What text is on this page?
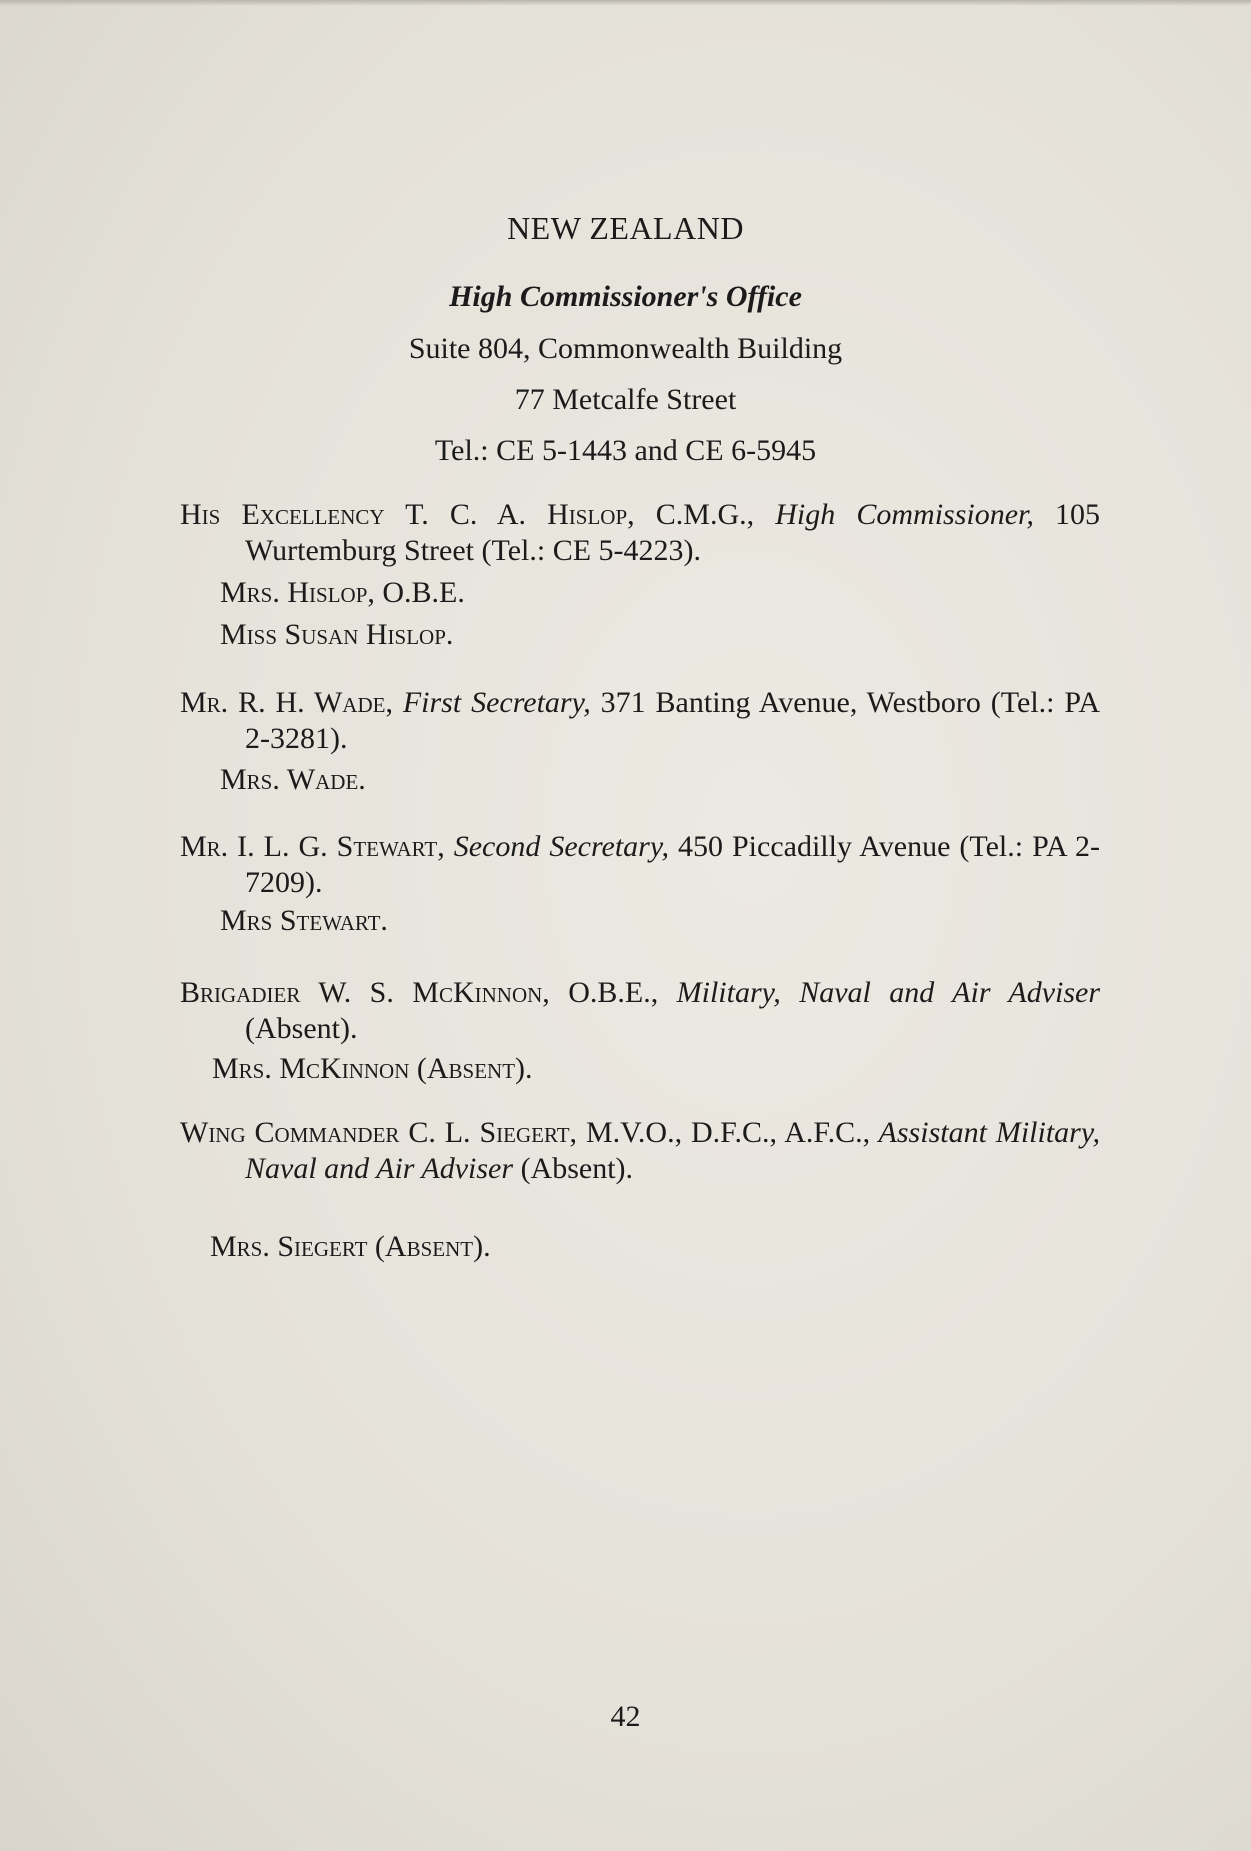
NEW ZEALAND
High Commissioner's Office
Suite 804, Commonwealth Building
77 Metcalfe Street
Tel.: CE 5-1443 and CE 6-5945
His Excellency T. C. A. Hislop, C.M.G., High Commissioner, 105 Wurtemburg Street (Tel.: CE 5-4223).
Mrs. Hislop, O.B.E.
Miss Susan Hislop.
Mr. R. H. Wade, First Secretary, 371 Banting Avenue, Westboro (Tel.: PA 2-3281).
Mrs. Wade.
Mr. I. L. G. Stewart, Second Secretary, 450 Piccadilly Avenue (Tel.: PA 2-7209).
Mrs Stewart.
Brigadier W. S. McKinnon, O.B.E., Military, Naval and Air Adviser (Absent).
Mrs. McKinnon (Absent).
Wing Commander C. L. Siegert, M.V.O., D.F.C., A.F.C., Assistant Military, Naval and Air Adviser (Absent).
Mrs. Siegert (Absent).
42
